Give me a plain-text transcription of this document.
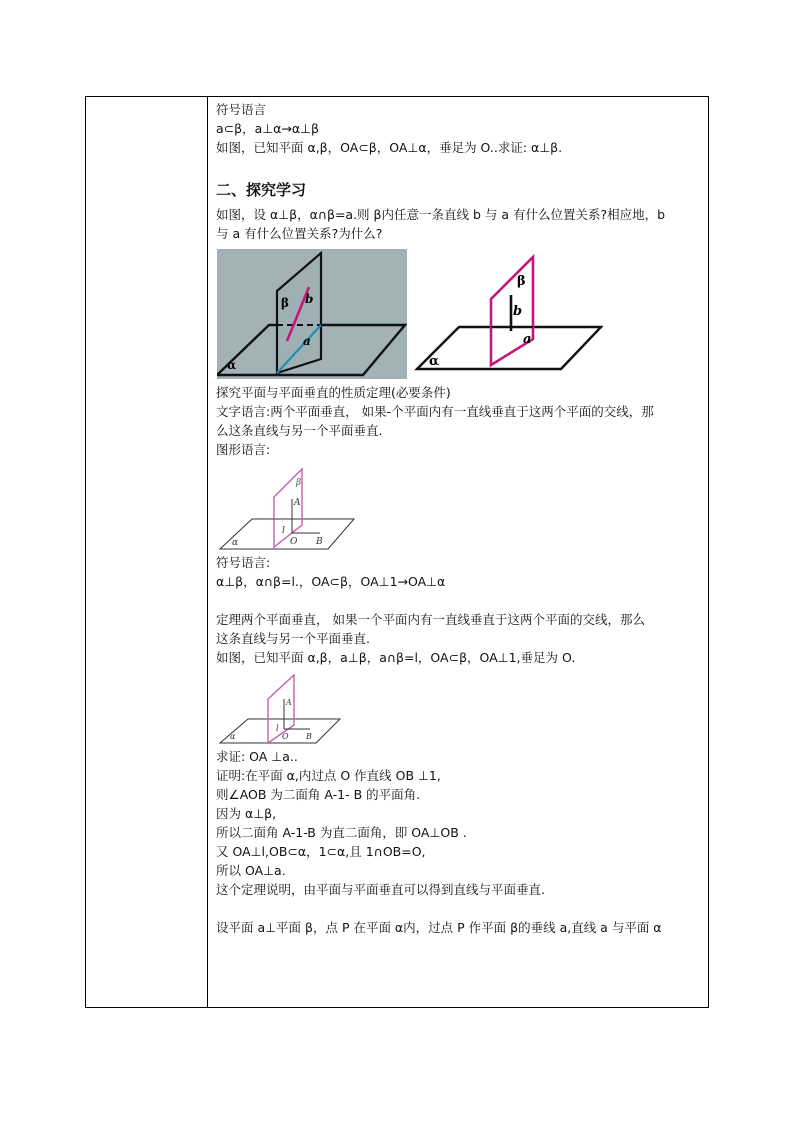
符号语言
a⊂β，a⊥α→α⊥β
如图，已知平面 α,β，OA⊂β，OA⊥α，垂足为 O..求证: α⊥β.
二、探究学习
如图，设 α⊥β，α∩β=a.则 β内任意一条直线 b 与 a 有什么位置关系?相应地，b
与 a 有什么位置关系?为什么?
β b
a
α
β
b
a
α
探究平面与平面垂直的性质定理(必要条件)
文字语言:两个平面垂直， 如果-个平面内有一直线垂直于这两个平面的交线，那
么这条直线与另一个平面垂直.
图形语言:
β
A
l
O B
α
符号语言:
α⊥β，α∩β=l.，OA⊂β，OA⊥1→OA⊥α
定理两个平面垂直， 如果一个平面内有一直线垂直于这两个平面的交线，那么
这条直线与另一个平面垂直.
如图，已知平面 α,β，a⊥β，a∩β=l，OA⊂β，OA⊥1,垂足为 O.
A
l
O B
α
求证: OA ⊥a..
证明:在平面 α,内过点 O 作直线 OB ⊥1,
则∠AOB 为二面角 A-1- B 的平面角.
因为 α⊥β,
所以二面角 A-1-B 为直二面角，即 OA⊥OB .
又 OA⊥l,OB⊂α，1⊂α,且 1∩OB=O,
所以 OA⊥a.
这个定理说明，由平面与平面垂直可以得到直线与平面垂直.
设平面 a⊥平面 β，点 P 在平面 α内，过点 P 作平面 β的垂线 a,直线 a 与平面 α
